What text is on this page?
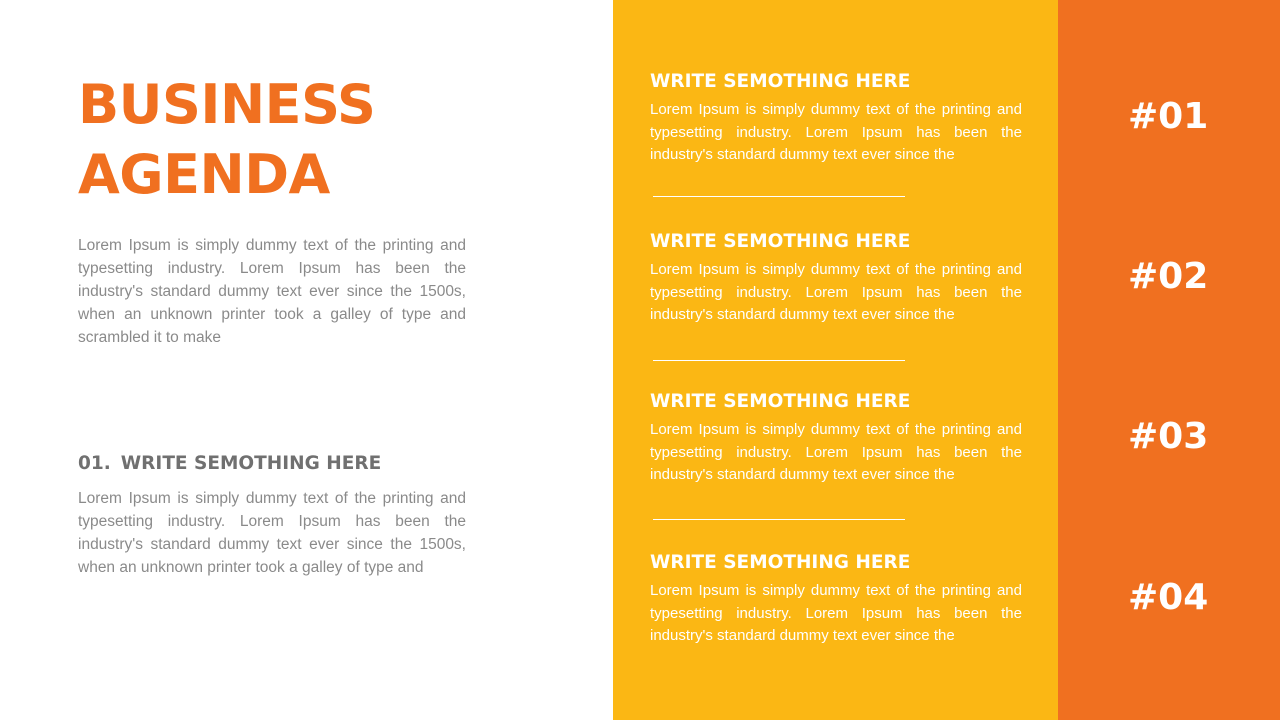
BUSINESS
AGENDA

Lorem Ipsum is simply dummy text of the printing and typesetting industry. Lorem Ipsum has been the industry's standard dummy text ever since the 1500s, when an unknown printer took a galley of type and scrambled it to make

01. WRITE SEMOTHING HERE

Lorem Ipsum is simply dummy text of the printing and typesetting industry. Lorem Ipsum has been the industry's standard dummy text ever since the 1500s, when an unknown printer took a galley of type and

WRITE SEMOTHING HERE

Lorem Ipsum is simply dummy text of the printing and typesetting industry. Lorem Ipsum has been the industry's standard dummy text ever since the

WRITE SEMOTHING HERE

Lorem Ipsum is simply dummy text of the printing and typesetting industry. Lorem Ipsum has been the industry's standard dummy text ever since the

WRITE SEMOTHING HERE

Lorem Ipsum is simply dummy text of the printing and typesetting industry. Lorem Ipsum has been the industry's standard dummy text ever since the

WRITE SEMOTHING HERE

Lorem Ipsum is simply dummy text of the printing and typesetting industry. Lorem Ipsum has been the industry's standard dummy text ever since the

#01
#02
#03
#04
